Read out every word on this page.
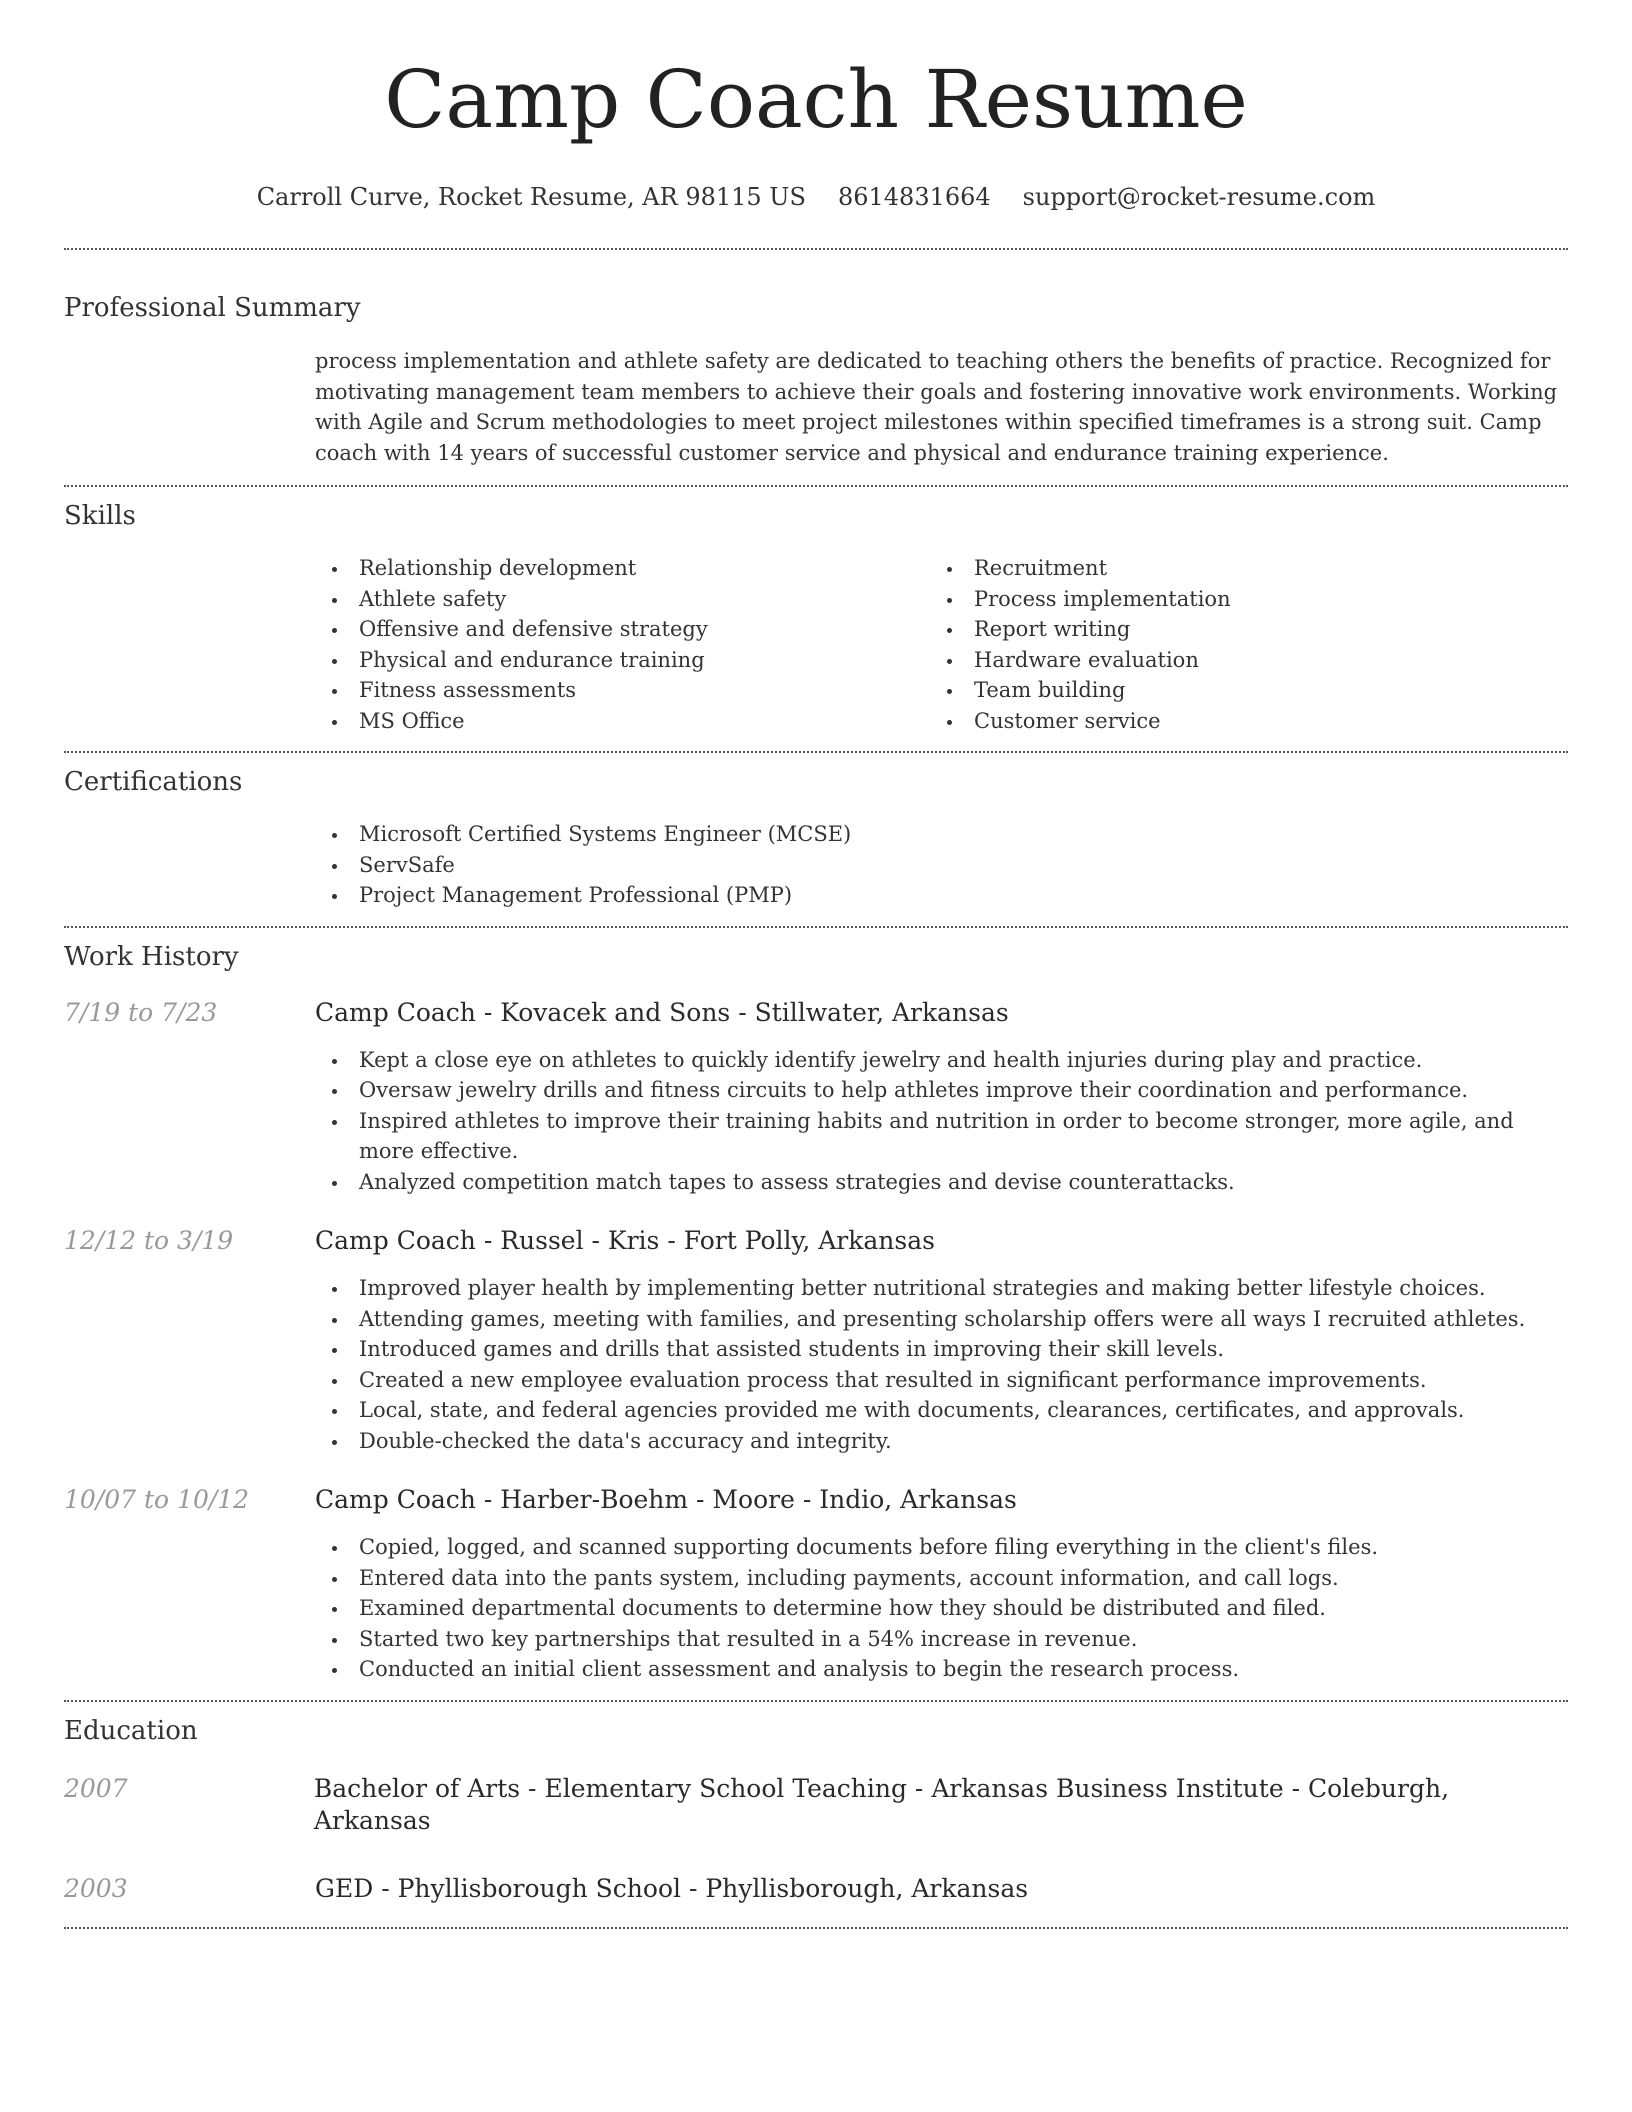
Camp Coach Resume
Carroll Curve, Rocket Resume, AR 98115 US 8614831664 support@rocket-resume.com
Professional Summary

process implementation and athlete safety are dedicated to teaching others the benefits of practice. Recognized for motivating management team members to achieve their goals and fostering innovative work environments. Working with Agile and Scrum methodologies to meet project milestones within specified timeframes is a strong suit. Camp coach with 14 years of successful customer service and physical and endurance training experience.

Skills
Relationship development
Athlete safety
Offensive and defensive strategy
Physical and endurance training
Fitness assessments
MS Office
Recruitment
Process implementation
Report writing
Hardware evaluation
Team building
Customer service
Certifications
Microsoft Certified Systems Engineer (MCSE)
ServSafe
Project Management Professional (PMP)
Work History
7/19 to 7/23	Camp Coach - Kovacek and Sons - Stillwater, Arkansas
Kept a close eye on athletes to quickly identify jewelry and health injuries during play and practice.
Oversaw jewelry drills and fitness circuits to help athletes improve their coordination and performance.
Inspired athletes to improve their training habits and nutrition in order to become stronger, more agile, and more effective.
Analyzed competition match tapes to assess strategies and devise counterattacks.
12/12 to 3/19	Camp Coach - Russel - Kris - Fort Polly, Arkansas
Improved player health by implementing better nutritional strategies and making better lifestyle choices.
Attending games, meeting with families, and presenting scholarship offers were all ways I recruited athletes.
Introduced games and drills that assisted students in improving their skill levels.
Created a new employee evaluation process that resulted in significant performance improvements.
Local, state, and federal agencies provided me with documents, clearances, certificates, and approvals.
Double-checked the data's accuracy and integrity.
10/07 to 10/12	Camp Coach - Harber-Boehm - Moore - Indio, Arkansas
Copied, logged, and scanned supporting documents before filing everything in the client's files.
Entered data into the pants system, including payments, account information, and call logs.
Examined departmental documents to determine how they should be distributed and filed.
Started two key partnerships that resulted in a 54% increase in revenue.
Conducted an initial client assessment and analysis to begin the research process.
Education
2007	Bachelor of Arts - Elementary School Teaching - Arkansas Business Institute - Coleburgh, Arkansas
2003	GED - Phyllisborough School - Phyllisborough, Arkansas
